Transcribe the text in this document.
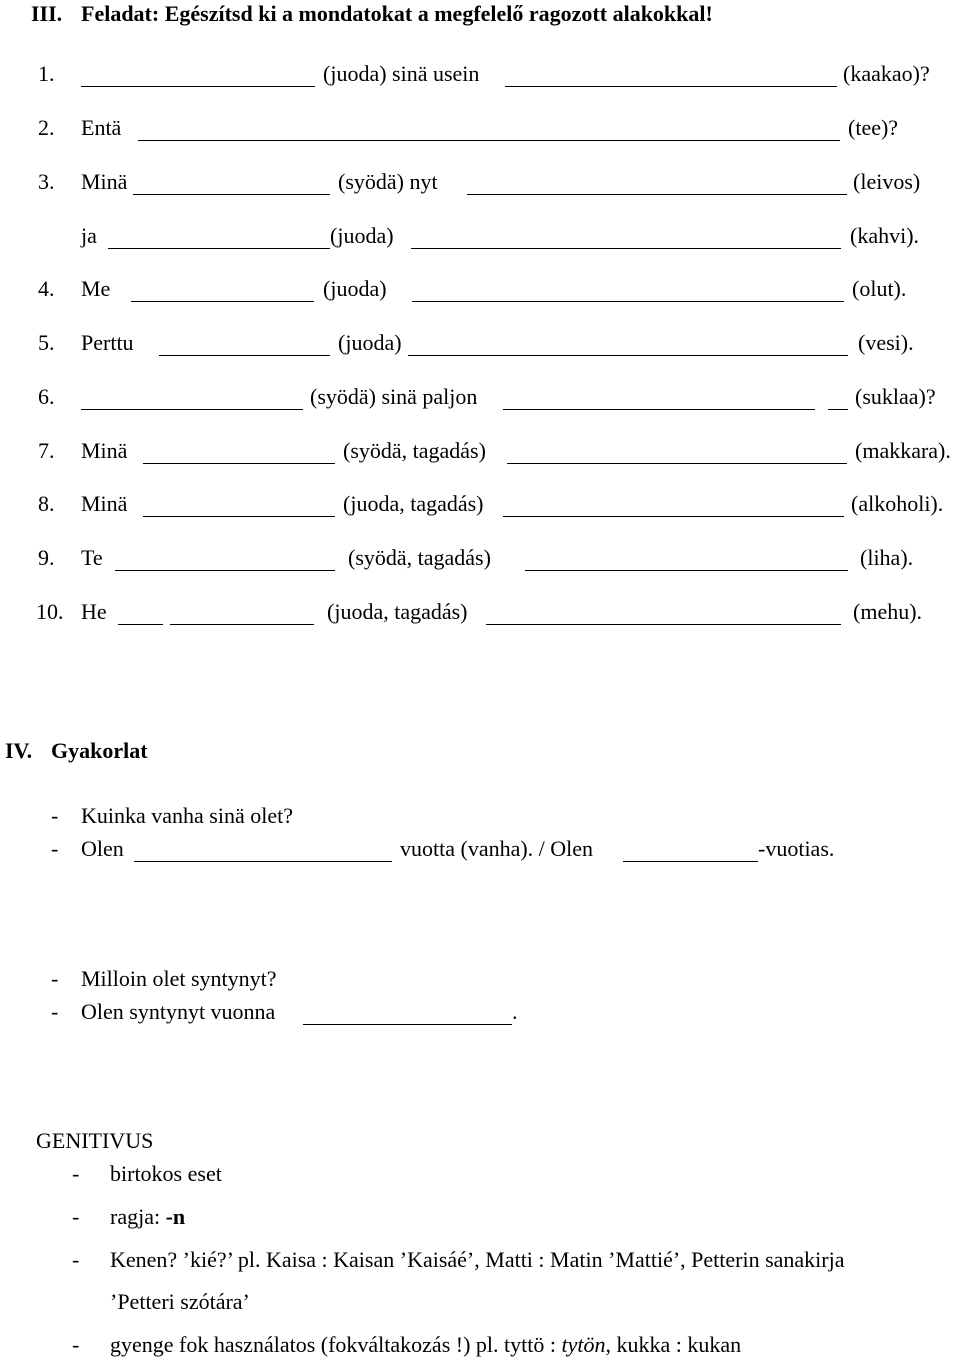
III. Feladat: Egészítsd ki a mondatokat a megfelelő ragozott alakokkal!
1.	(juoda) sinä usein	(kaakao)?
2. Entä	(tee)?
3. Minä	(syödä) nyt	(leivos)
ja	(juoda)	(kahvi).
4. Me	(juoda)	(olut).
5. Perttu	(juoda)	(vesi).
6.	(syödä) sinä paljon	(suklaa)?
7. Minä	(syödä, tagadás)	(makkara).
8. Minä	(juoda, tagadás)	(alkoholi).
9. Te	(syödä, tagadás)	(liha).
10. He	(juoda, tagadás)	(mehu).
IV. Gyakorlat
- Kuinka vanha sinä olet?
- Olen	vuotta (vanha). / Olen	-vuotias.
- Milloin olet syntynyt?
- Olen syntynyt vuonna	.
GENITIVUS
- birtokos eset
- ragja: -n
- Kenen? ’kié?’ pl. Kaisa : Kaisan ’Kaisáé’, Matti : Matin ’Mattié’, Petterin sanakirja
’Petteri szótára’
- gyenge fok használatos (fokváltakozás !) pl. tyttö : tytön, kukka : kukan
